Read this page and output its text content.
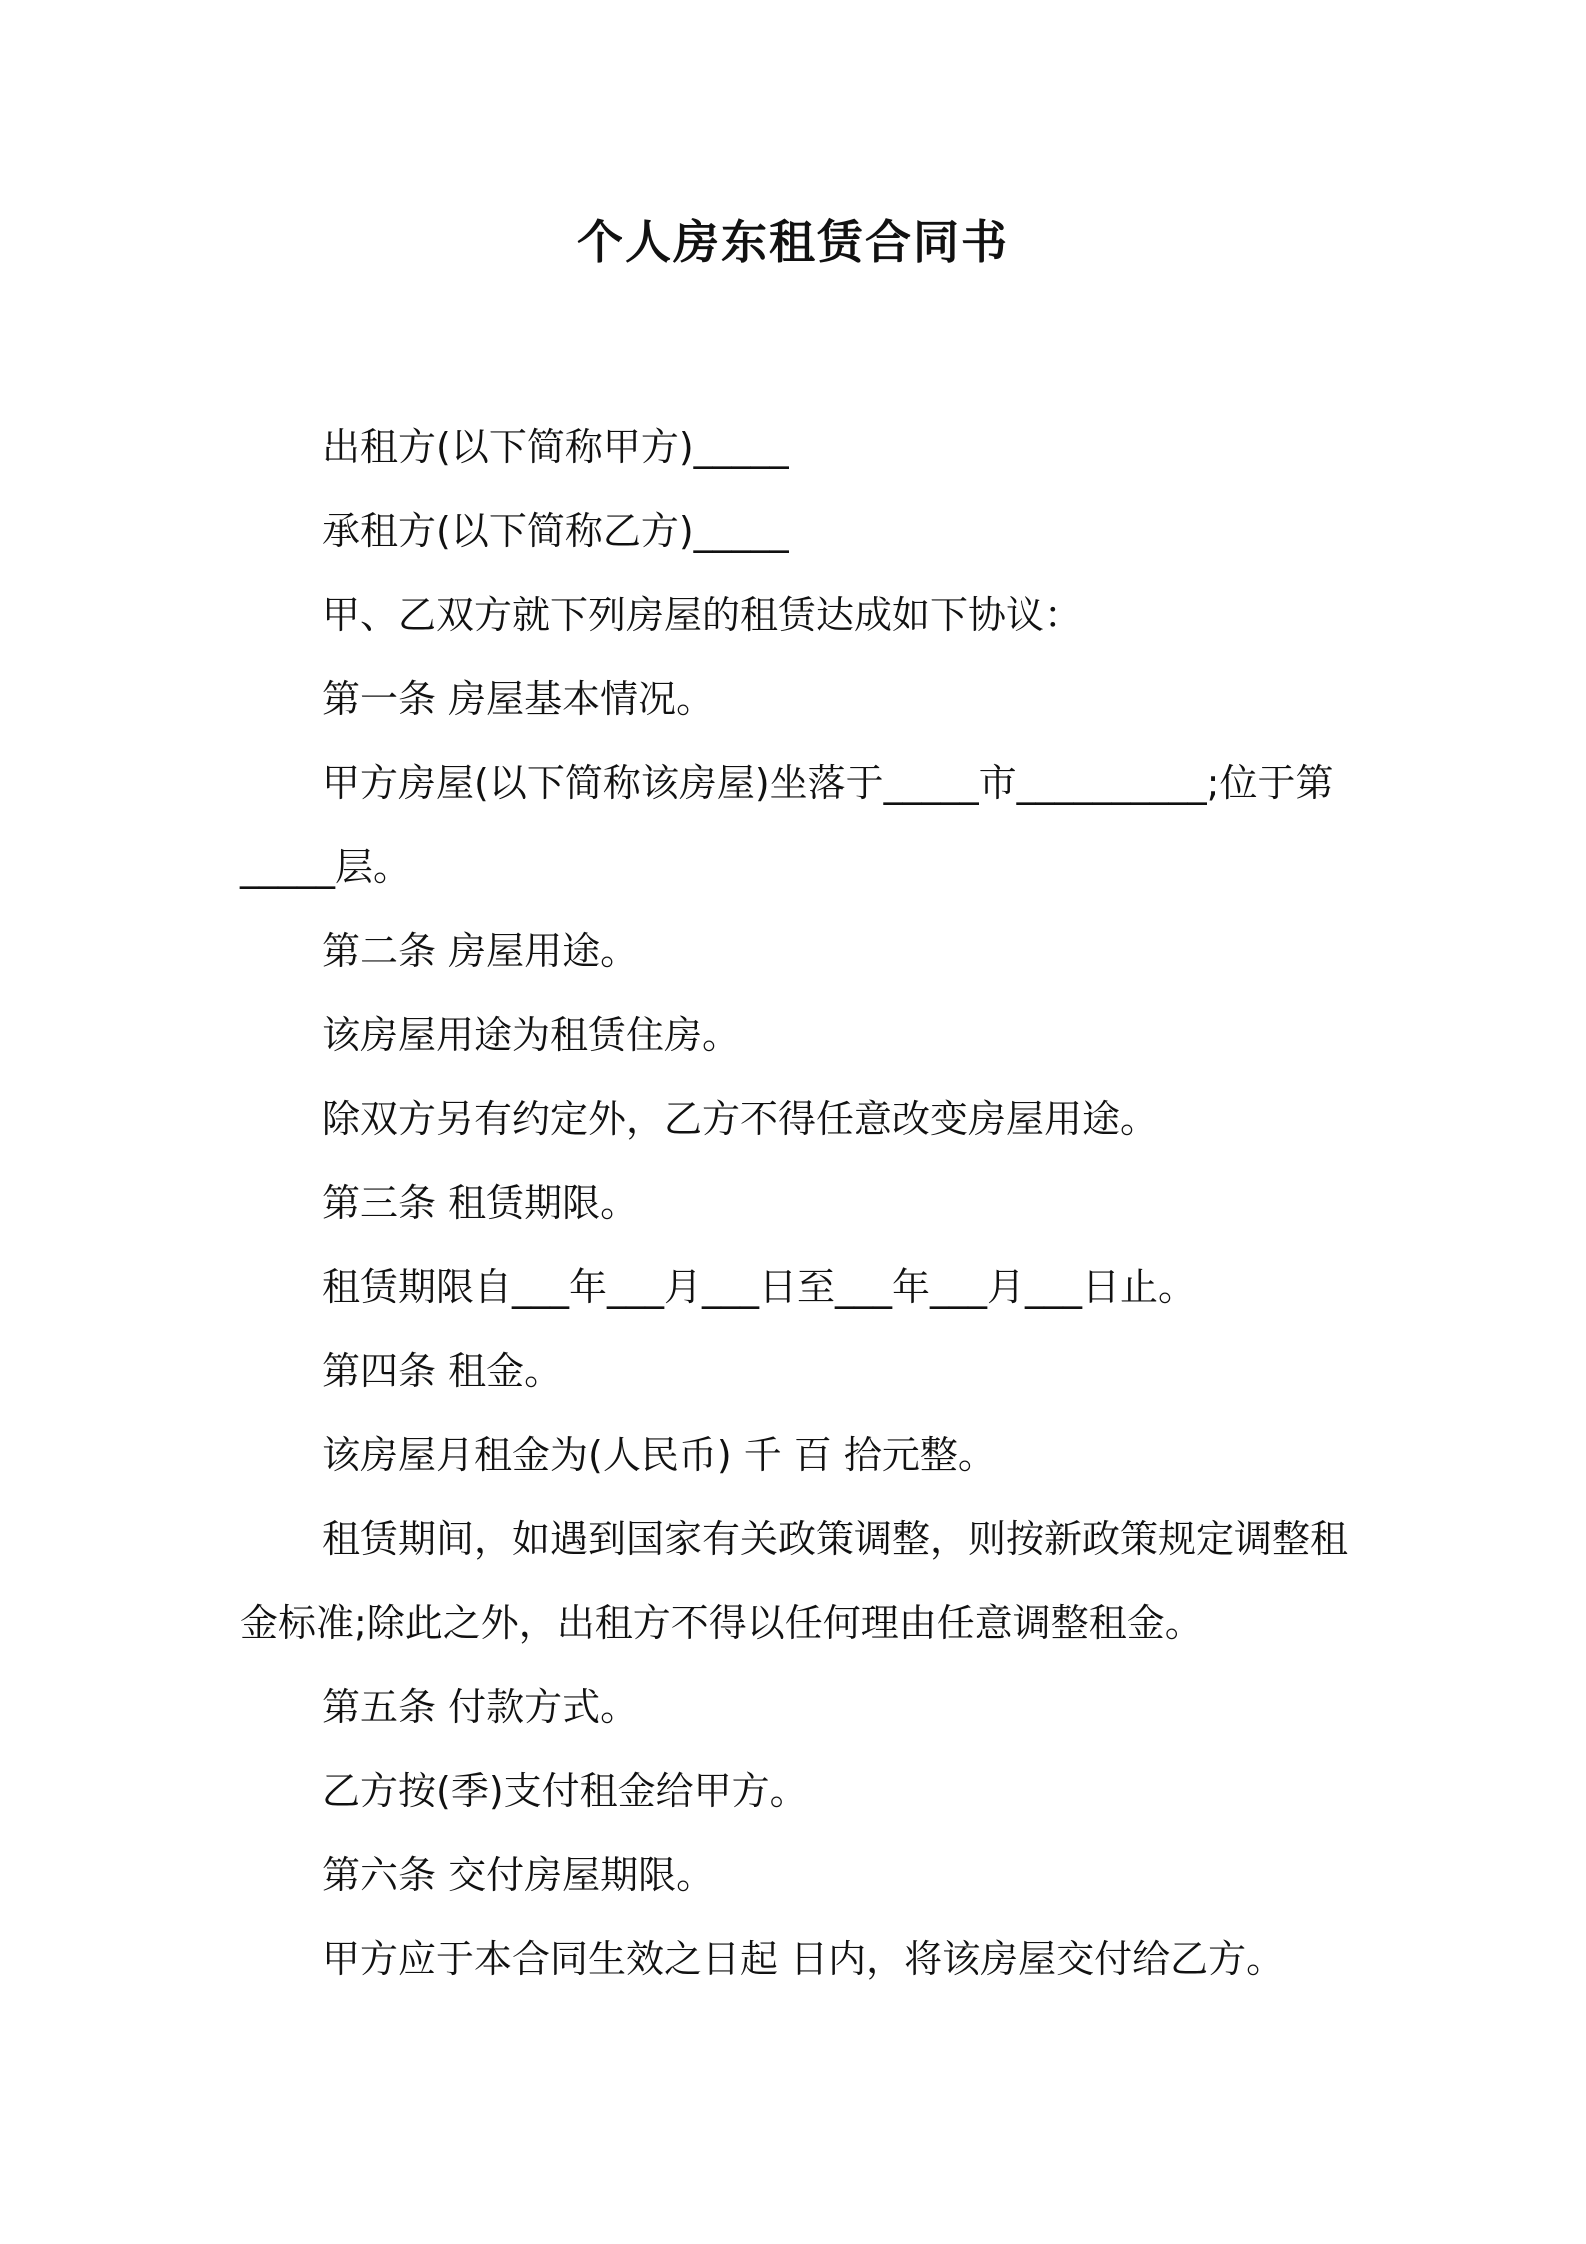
个人房东租赁合同书

出租方(以下简称甲方)_____

承租方(以下简称乙方)_____

甲、乙双方就下列房屋的租赁达成如下协议：

第一条 房屋基本情况。

甲方房屋(以下简称该房屋)坐落于_____市__________;位于第_____层。

第二条 房屋用途。

该房屋用途为租赁住房。

除双方另有约定外，乙方不得任意改变房屋用途。

第三条 租赁期限。

租赁期限自___年___月___日至___年___月___日止。

第四条 租金。

该房屋月租金为(人民币) 千 百 拾元整。

租赁期间，如遇到国家有关政策调整，则按新政策规定调整租金标准;除此之外，出租方不得以任何理由任意调整租金。

第五条 付款方式。

乙方按(季)支付租金给甲方。

第六条 交付房屋期限。

甲方应于本合同生效之日起 日内，将该房屋交付给乙方。
